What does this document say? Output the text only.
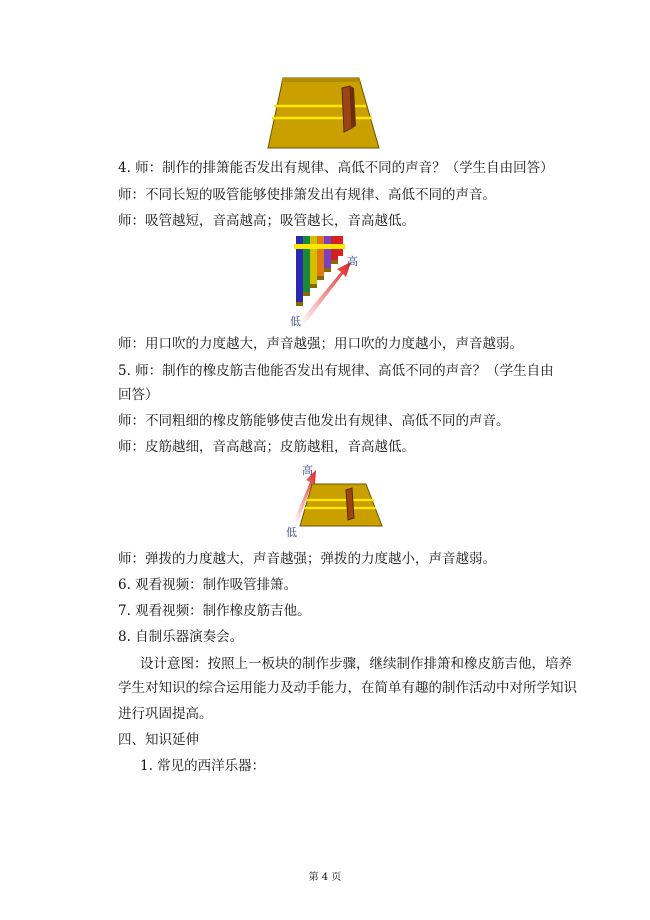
4. 师：制作的排箫能否发出有规律、高低不同的声音？（学生自由回答）
师：不同长短的吸管能够使排箫发出有规律、高低不同的声音。
师：吸管越短，音高越高；吸管越长，音高越低。
高
低
师：用口吹的力度越大，声音越强；用口吹的力度越小，声音越弱。
5. 师：制作的橡皮筋吉他能否发出有规律、高低不同的声音？（学生自由
回答）
师：不同粗细的橡皮筋能够使吉他发出有规律、高低不同的声音。
师：皮筋越细，音高越高；皮筋越粗，音高越低。
高
低
师：弹拨的力度越大，声音越强；弹拨的力度越小，声音越弱。
6. 观看视频：制作吸管排箫。
7. 观看视频：制作橡皮筋吉他。
8. 自制乐器演奏会。
设计意图：按照上一板块的制作步骤，继续制作排箫和橡皮筋吉他，培养
学生对知识的综合运用能力及动手能力，在简单有趣的制作活动中对所学知识
进行巩固提高。
四、知识延伸
1. 常见的西洋乐器：
第 4 页
